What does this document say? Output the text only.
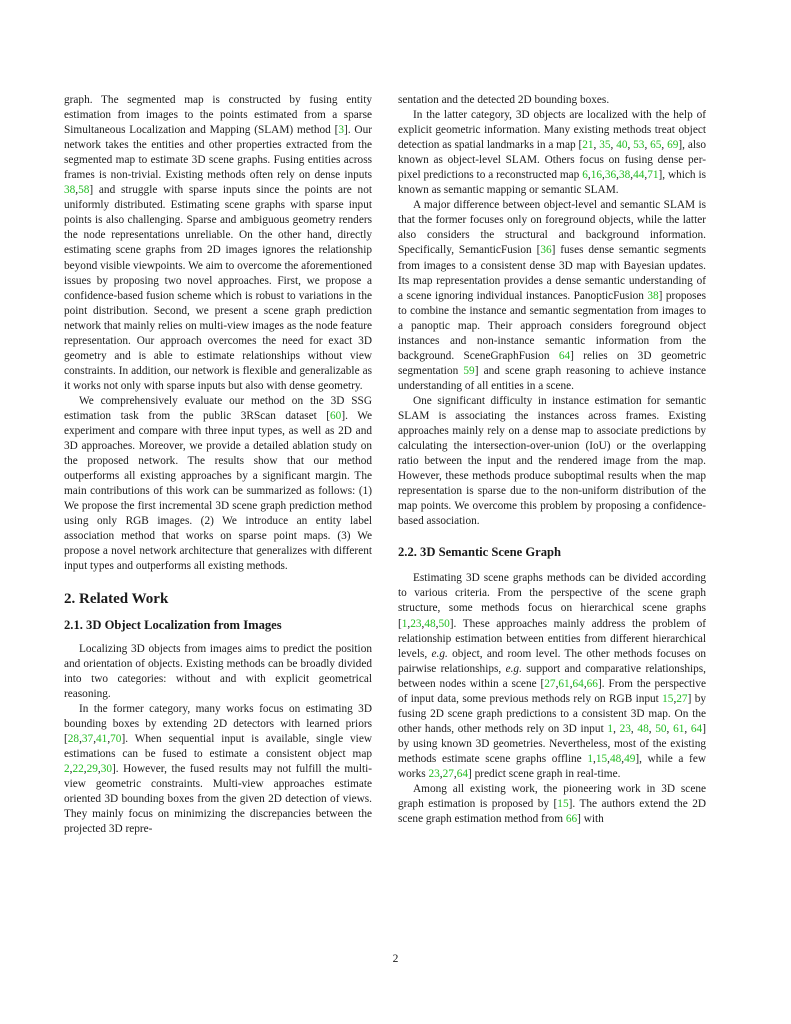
graph. The segmented map is constructed by fusing entity estimation from images to the points estimated from a sparse Simultaneous Localization and Mapping (SLAM) method [3]. Our network takes the entities and other properties extracted from the segmented map to estimate 3D scene graphs. Fusing entities across frames is non-trivial. Existing methods often rely on dense inputs 38,58] and struggle with sparse inputs since the points are not uniformly distributed. Estimating scene graphs with sparse input points is also challenging. Sparse and ambiguous geometry renders the node representations unreliable. On the other hand, directly estimating scene graphs from 2D images ignores the relationship beyond visible viewpoints. We aim to overcome the aforementioned issues by proposing two novel approaches. First, we propose a confidence-based fusion scheme which is robust to variations in the point distribution. Second, we present a scene graph prediction network that mainly relies on multi-view images as the node feature representation. Our approach overcomes the need for exact 3D geometry and is able to estimate relationships without view constraints. In addition, our network is flexible and generalizable as it works not only with sparse inputs but also with dense geometry.

We comprehensively evaluate our method on the 3D SSG estimation task from the public 3RScan dataset [60]. We experiment and compare with three input types, as well as 2D and 3D approaches. Moreover, we provide a detailed ablation study on the proposed network. The results show that our method outperforms all existing approaches by a significant margin. The main contributions of this work can be summarized as follows: (1) We propose the first incremental 3D scene graph prediction method using only RGB images. (2) We introduce an entity label association method that works on sparse point maps. (3) We propose a novel network architecture that generalizes with different input types and outperforms all existing methods.

2. Related Work
2.1. 3D Object Localization from Images

Localizing 3D objects from images aims to predict the position and orientation of objects. Existing methods can be broadly divided into two categories: without and with explicit geometrical reasoning.

In the former category, many works focus on estimating 3D bounding boxes by extending 2D detectors with learned priors [28,37,41,70]. When sequential input is available, single view estimations can be fused to estimate a consistent object map 2,22,29,30]. However, the fused results may not fulfill the multi-view geometric constraints. Multi-view approaches estimate oriented 3D bounding boxes from the given 2D detection of views. They mainly focus on minimizing the discrepancies between the projected 3D repre-

sentation and the detected 2D bounding boxes.

In the latter category, 3D objects are localized with the help of explicit geometric information. Many existing methods treat object detection as spatial landmarks in a map [21, 35, 40, 53, 65, 69], also known as object-level SLAM. Others focus on fusing dense per-pixel predictions to a reconstructed map 6,16,36,38,44,71], which is known as semantic mapping or semantic SLAM.

A major difference between object-level and semantic SLAM is that the former focuses only on foreground objects, while the latter also considers the structural and background information. Specifically, SemanticFusion [36] fuses dense semantic segments from images to a consistent dense 3D map with Bayesian updates. Its map representation provides a dense semantic understanding of a scene ignoring individual instances. PanopticFusion 38] proposes to combine the instance and semantic segmentation from images to a panoptic map. Their approach considers foreground object instances and non-instance semantic information from the background. SceneGraphFusion 64] relies on 3D geometric segmentation 59] and scene graph reasoning to achieve instance understanding of all entities in a scene.

One significant difficulty in instance estimation for semantic SLAM is associating the instances across frames. Existing approaches mainly rely on a dense map to associate predictions by calculating the intersection-over-union (IoU) or the overlapping ratio between the input and the rendered image from the map. However, these methods produce suboptimal results when the map representation is sparse due to the non-uniform distribution of the map points. We overcome this problem by proposing a confidence-based association.

2.2. 3D Semantic Scene Graph

Estimating 3D scene graphs methods can be divided according to various criteria. From the perspective of the scene graph structure, some methods focus on hierarchical scene graphs [1,23,48,50]. These approaches mainly address the problem of relationship estimation between entities from different hierarchical levels, e.g. object, and room level. The other methods focuses on pairwise relationships, e.g. support and comparative relationships, between nodes within a scene [27,61,64,66]. From the perspective of input data, some previous methods rely on RGB input 15,27] by fusing 2D scene graph predictions to a consistent 3D map. On the other hands, other methods rely on 3D input 1, 23, 48, 50, 61, 64] by using known 3D geometries. Nevertheless, most of the existing methods estimate scene graphs offline 1,15,48,49], while a few works 23,27,64] predict scene graph in real-time.

Among all existing work, the pioneering work in 3D scene graph estimation is proposed by [15]. The authors extend the 2D scene graph estimation method from 66] with

2
